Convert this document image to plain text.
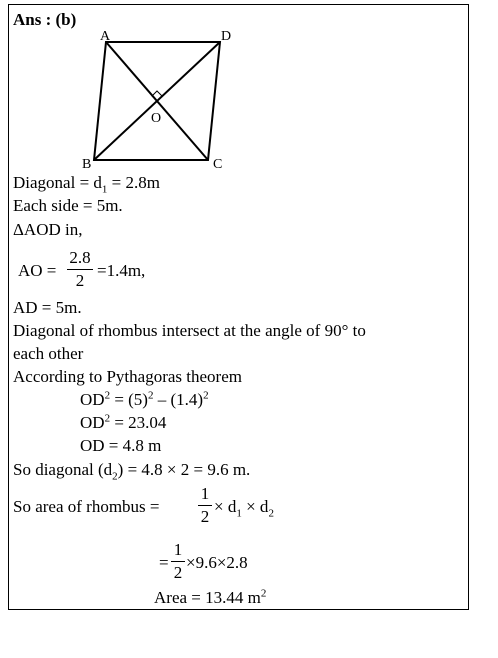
Ans : (b)
A	D
B	C
O
Diagonal = $d_1 = 2.8m$
Each side = 5m.
ΔAOD in,
AO =
2.8
2
=1.4m,
AD = 5m.
Diagonal of rhombus intersect at the angle of 90° to
each other
According to Pythagoras theorem
$OD^2 = (5)^2 - (1.4)^2$
$OD^2 = 23.04$
OD = 4.8 m
So diagonal $(d_2) = 4.8 \times 2 = 9.6$ m.
So area of rhombus =
1
2
× $d_1 \times d_2$
=
1
2
×9.6×2.8
Area = 13.44 $m^2$
